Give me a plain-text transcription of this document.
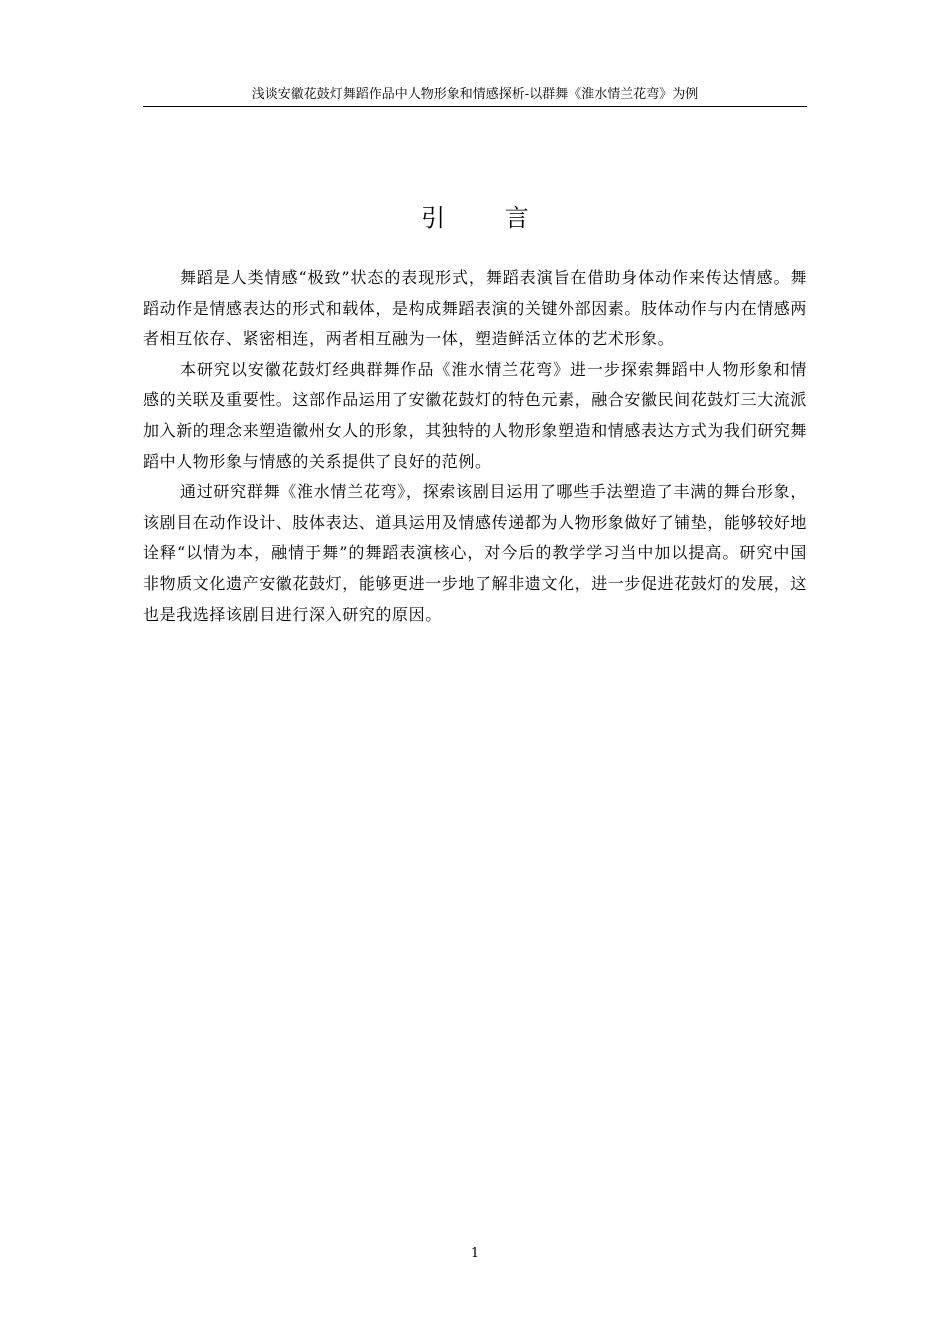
浅谈安徽花鼓灯舞蹈作品中人物形象和情感探析-以群舞《淮水情兰花弯》为例
引 言

舞蹈是人类情感“极致”状态的表现形式，舞蹈表演旨在借助身体动作来传达情感。舞蹈动作是情感表达的形式和载体，是构成舞蹈表演的关键外部因素。肢体动作与内在情感两者相互依存、紧密相连，两者相互融为一体，塑造鲜活立体的艺术形象。

本研究以安徽花鼓灯经典群舞作品《淮水情兰花弯》进一步探索舞蹈中人物形象和情感的关联及重要性。这部作品运用了安徽花鼓灯的特色元素，融合安徽民间花鼓灯三大流派加入新的理念来塑造徽州女人的形象，其独特的人物形象塑造和情感表达方式为我们研究舞蹈中人物形象与情感的关系提供了良好的范例。

通过研究群舞《淮水情兰花弯》，探索该剧目运用了哪些手法塑造了丰满的舞台形象，该剧目在动作设计、肢体表达、道具运用及情感传递都为人物形象做好了铺垫，能够较好地诠释“以情为本，融情于舞”的舞蹈表演核心，对今后的教学学习当中加以提高。研究中国非物质文化遗产安徽花鼓灯，能够更进一步地了解非遗文化，进一步促进花鼓灯的发展，这也是我选择该剧目进行深入研究的原因。

1
